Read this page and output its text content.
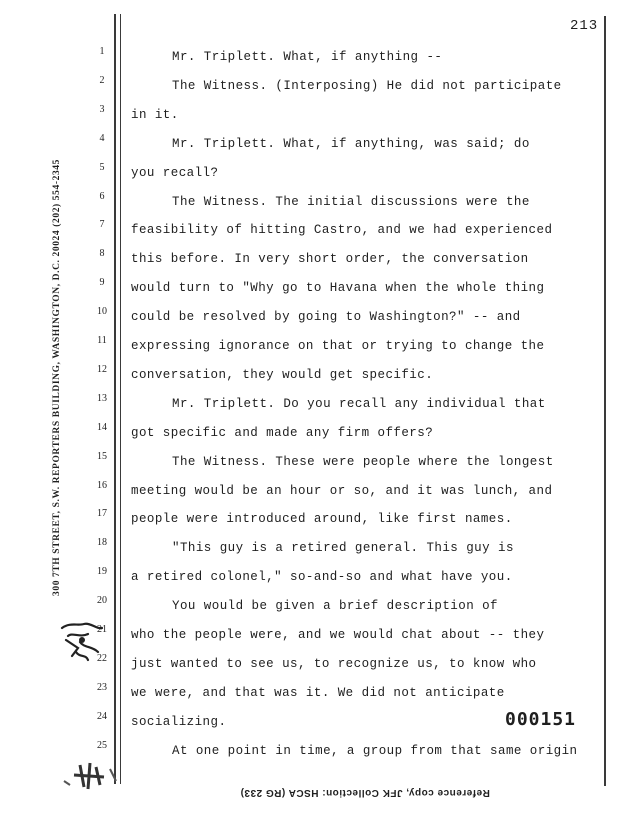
213
300 7TH STREET, S.W. REPORTERS BUILDING, WASHINGTON, D.C. 20024 (202) 554-2345
1	Mr. Triplett. What, if anything --
2	The Witness. (Interposing) He did not participate
3	in it.
4	Mr. Triplett. What, if anything, was said; do
5	you recall?
6	The Witness. The initial discussions were the
7	feasibility of hitting Castro, and we had experienced
8	this before. In very short order, the conversation
9	would turn to "Why go to Havana when the whole thing
10	could be resolved by going to Washington?" -- and
11	expressing ignorance on that or trying to change the
12	conversation, they would get specific.
13	Mr. Triplett. Do you recall any individual that
14	got specific and made any firm offers?
15	The Witness. These were people where the longest
16	meeting would be an hour or so, and it was lunch, and
17	people were introduced around, like first names.
18	"This guy is a retired general. This guy is
19	a retired colonel," so-and-so and what have you.
20	You would be given a brief description of
21	who the people were, and we would chat about -- they
22	just wanted to see us, to recognize us, to know who
23	we were, and that was it. We did not anticipate
24	socializing.
25	At one point in time, a group from that same origin
000151
Reference copy, JFK Collection: HSCA (RG 233)
